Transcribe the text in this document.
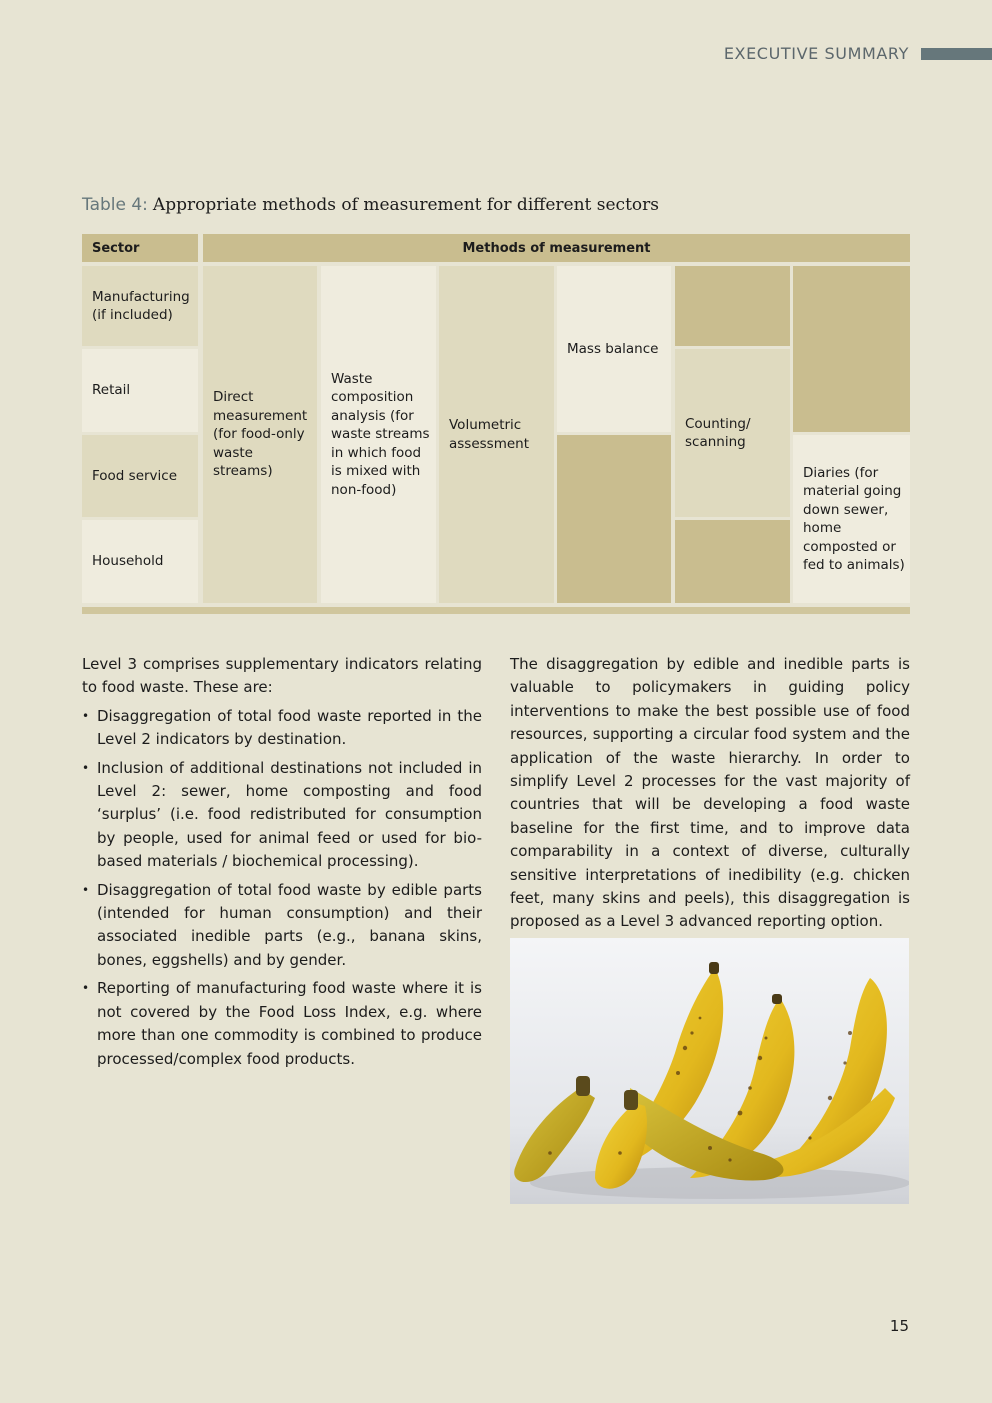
EXECUTIVE SUMMARY
Table 4: Appropriate methods of measurement for different sectors
Sector	Methods of measurement
Manufacturing (if included)
Retail
Food service
Household
Direct measurement (for food-only waste streams)
Waste composition analysis (for waste streams in which food is mixed with non-food)
Volumetric assessment
Mass balance
Counting/ scanning
Diaries (for material going down sewer, home composted or fed to animals)

Level 3 comprises supplementary indicators relating to food waste. These are:

• Disaggregation of total food waste reported in the Level 2 indicators by destination.
• Inclusion of additional destinations not included in Level 2: sewer, home composting and food ‘surplus’ (i.e. food redistributed for consumption by people, used for animal feed or used for bio-based materials / biochemical processing).
• Disaggregation of total food waste by edible parts (intended for human consumption) and their associated inedible parts (e.g., banana skins, bones, eggshells) and by gender.
• Reporting of manufacturing food waste where it is not covered by the Food Loss Index, e.g. where more than one commodity is combined to produce processed/complex food products.

The disaggregation by edible and inedible parts is valuable to policymakers in guiding policy interventions to make the best possible use of food resources, supporting a circular food system and the application of the waste hierarchy. In order to simplify Level 2 processes for the vast majority of countries that will be developing a food waste baseline for the first time, and to improve data comparability in a context of diverse, culturally sensitive interpretations of inedibility (e.g. chicken feet, many skins and peels), this disaggregation is proposed as a Level 3 advanced reporting option.

15
